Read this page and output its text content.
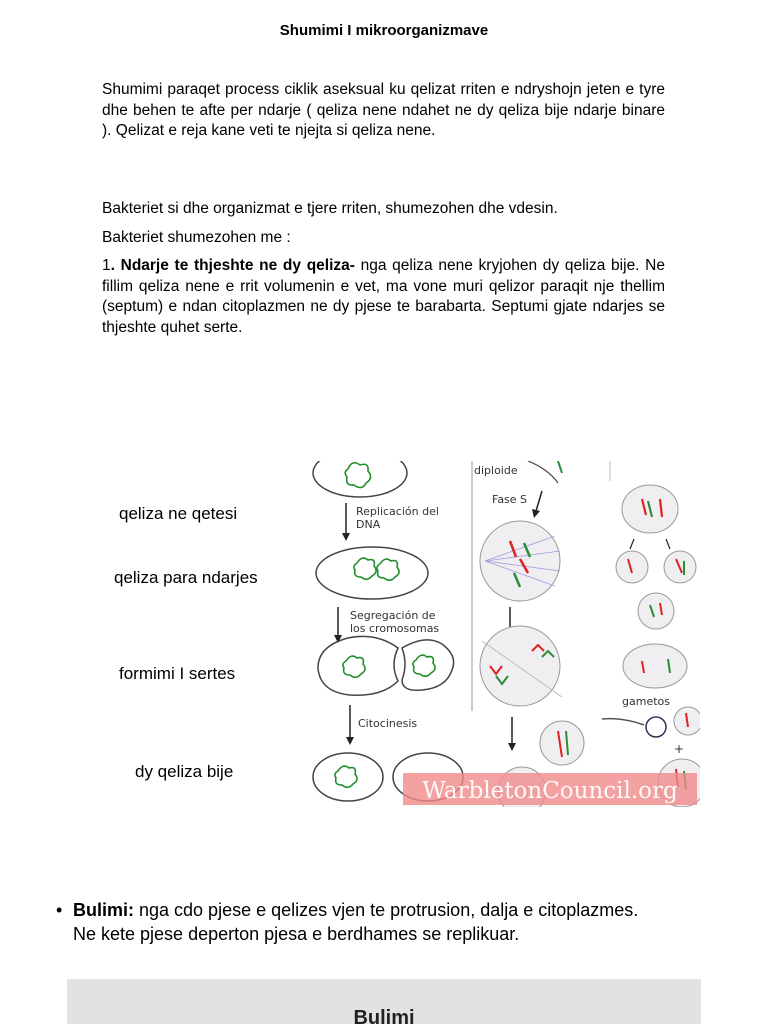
Shumimi I mikroorganizmave
Shumimi paraqet process ciklik aseksual ku qelizat rriten e ndryshojn jeten e tyre dhe behen te afte per ndarje ( qeliza nene ndahet ne dy qeliza bije ndarje binare ). Qelizat e reja kane veti te njejta si qeliza nene.
Bakteriet si dhe organizmat e tjere rriten, shumezohen dhe vdesin.
Bakteriet shumezohen me :
1. Ndarje te thjeshte ne dy qeliza- nga qeliza nene kryjohen dy qeliza bije. Ne fillim qeliza nene e rrit volumenin e vet, ma vone muri qelizor paraqit nje thellim (septum) e ndan citoplazmen ne dy pjese te barabarta. Septumi gjate ndarjes se thjeshte quhet serte.
qeliza ne qetesi
qeliza para ndarjes
formimi I sertes
dy qeliza bije
Replicación del
DNA
Segregación de
los cromosomas
Citocinesis
diploide
Fase S
gametos
+
WarbletonCouncil.org
• Bulimi: nga cdo pjese e qelizes vjen te protrusion, dalja e citoplazmes.
Ne kete pjese deperton pjesa e berdhames se replikuar.
Bulimi
